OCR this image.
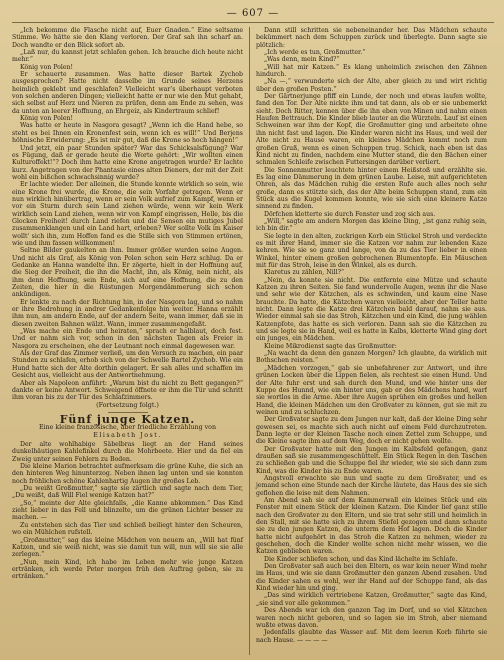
— 607 —

„Ich bekomme die Flasche nicht auf, Euer Gnaden.“ Eine seltsame Stimme. Wo hätte sie den Klang verloren. Der Graf sah ihn scharf an. Doch wandte er den Blick sofort ab.

„Laß nur, du kannst jetzt schlafen gehen. Ich brauche dich heute nicht mehr.“

König von Polen!

Er schauerte zusammen. Was hatte dieser Bartek Zychob ausgesprochen? Hatte nicht dasselbe im Grunde seines Herzens heimlich geklebt und geschlafen? Vielleicht war’s überhaupt verboten von solchen anderen Dingen; vielleicht hatte er nur wie den Mut gehabt, sich selbst auf Herz und Nieren zu prüfen, denn am Ende zu sehen, was da unten an leerer Hoffnung, an Ehrgeiz, als Kindertraum schlief!

König von Polen!

Was hatte er heute in Nasgora gesagt? „Wenn ich die Hand hebe, so steht es bei Ihnen ein Kronenfest sein, wenn ich es will!“ Und Berjens höhnische Erwiderung: „Es ist mir gut, daß die Krone so hoch hängen!“

Und jetzt, ein paar Stunden später? War das Schicksalsfügung? War es Fügung, daß er gerade heute die Worte gehört: „Wir wollten einen Kulturoffekt!“? Doch ihm hatte eine Krone angetragen wurde? Er lachte kurz. Angetragen von der Phantasie eines alten Dieners, der mit der Zeit wohl ein bißchen schwachsinnig wurde?

Er lachte wieder. Der alleinen, die Stunde konnte wirklich so sein, wie eine Krone frei wurde, die Krone, die sein Vorfahr getragen. Wenn er nun wirklich hinübertrag, wenn er sein Volk aufrief zum Kampf, wenn er vor ein Sturm durch sein Land ziehen würde, wenn wir kein Werk wirklich sein Land ziehen, wenn wir von Kampf eingrissen, Helle, bis die Glocken Freiheit! durch Land riefen und die Sensen ein mutiges Jubel zusammenklangen und ein Land hart, erleben? Wer sollte Volk im Kaiser wollt' sich ihn, zum Hoffen fand es die Stille sich von Stimmen ertönen, wie und ihm fassen willkommen!

Seltne Bilder gaukelten an ihm. Immer größer wurden seine Augen. Und nicht als Graf, als König von Polen schon sein Herz schlug. Da er Gedanke an Hanna wandelte ihn. Er zögerte, hielt in der Hoffnung auf, die Sieg der Freiheit, die ihn die Macht, ihn, als König, nein nicht, als ihm denn Hoffnung, sein Ende, sich auf eine Hoffnung, die zu den Zeiten, die hier in die Rüstungen Morgendämmerung sich schon ankündigen.

Er lenkte zu nach der Richtung hin, in der Nasgora lag, und so nahm er ihre Bedrohung in andrer Gedankenfolge hin weiter. Hanna erzählt ihm nun, am andern Ende, auf der andern Seite, wann immer, daß sie in diesen zweiten Bahnen wälzt. Wann, immer zusammengefaßt.

„Was mache ein Ende und heiraten,“ sprach er halblaut, doch fest. Und er nahm sich vor, schon in den nächsten Tagen als Freier in Nasgora zu erscheinen, ehe der Leutnant noch einmal dagewesen war.

Als der Graf das Zimmer verließ, um den Versuch zu machen, ein paar Stunden zu schlafen, erhob sich von der Schwelle Bartel Zychob. Wie ein Hund hatte sich der Alte dorthin gelagert. Er sah alles und schaffen im Gesicht aus, vielleicht aus der Antwortnehmung.

Aber als Napoleon anführt: „Warum bist du nicht zu Bett gegangen?“ dankte er keine Antwort. Schweigend öffnete er ihm die Tür und schritt ihm voran bis zu der Tür des Schlafzimmers.

(Fortsetzung folgt.)

Fünf junge Katzen.
Eine kleine französische, aber friedliche Erzählung von Elisabeth Jost.

Der alte wohlhabige Säbelbras liegt an der Hand seines dunkelhäutigen Kahlefinkel durch die Mohrbeete. Hier und da fiel ein Zweig unter seinen Fehlern zu Boden.

Die kleine Marion betrachtet aufmerksam die grüne Kuhe, die sich an den hinteren Weg hinunterzog. Neben ihnen lag unten und sie konnten noch fröhlichen schöne Kahlenhartig Augen ihr großes Leb.

„Du weißt Großmutter,“ sagte sie zärtlich und sagte nach dem Tier, „Du weißt, daß Will Fiel wenige Katzen hat?“

„So,“ meinte der Alte gleichfalls, „die Kanne abkommen.“ Das Kind zieht lieber in das Fell und blinzelte, um die grünen Lichter besser zu machen. —

Zu entstehen sich das Tier und schließ beiliegt hinter den Scheuren, wo ein Mühlchen rufstell.

„Großmutter,“ sag das kleine Mädchen von neuem an, „Will hat fünf Katzen, und sie weiß nicht, was sie damit tun will, nun will sie sie alle zerlegen.“

„Nun, mein Kind, ich habe im Leben mehr wie junge Katzen ertränken, ich werde Peter morgen früh den Auftrag geben, sie zu ertränken.“

Dann still schritten sie nebeneinander her. Das Mädchen schaute bekümmert nach dem Schuppen zurück und überlegte. Dann sagte sie plötzlich:

„Ich werde es tun, Großmutter.“

„Was denn, mein Kind?“

„Will hat mir Katzen.“ Es klang unheimlich zwischen den Zähnen hindurch.

„Na —,“ verwunderte sich der Alte, aber gleich zu und wirt richtig über den großen Posten.“

Der Gärtnerjunge pfiff ein Lunde, der noch und etwas laufen wollte, fand den Tor. Der Alte nickte ihm und tat dann, als ob er sie unbemerkt sieht. Doch Ritter, kennen über die ihn eben von Minen und nahm einen Haufen Bettrauch. Die Kinder blieb lauter an die Würzteln. Lauf ist einen Schweinen war ihm der Kopf, die Großmutter ging und arbeitete ohne ihn nicht fast und lagen. Die Kinder waren nicht ins Haus, und weil der Alte nicht zu Hause waren, ein kleines Mädchen kommt noch zum großen Gruß, wenn es einen Schuppen trug. Schick, nach eben ist das Kind nicht zu finden, nachdem eine Mutter stand, die den Bächen einer schmalen Schleife zwischen Futtersingen darüber verliert.

Die Sonnenmutter leuchtete hinter einem Heißstoß und erzählte sie. Es lag eine Dämmerung in dem grünen Laube. Leise, mit aufgerichteten Ohren, als das Mädchen ruhig die ersten Rufe auch alles noch sehr große, dann es stützte sich, das der Alte beim Schuppen stand, zum ein Stück aus die Kugel kommen konnte, wie sie sich eine kleinere Katze sinnend zu finden.

Dörfchen kletterte sie durch Fenster und zog sich aus.

„Will,“ sagte am andern Morgen das kleine Ding, „ist ganz ruhig sein, ich bin dir.“

Sie legte in den alten, zuckrigen Korb ein Stückel Stroh und verdeckte es mit ihrer Hand, immer sie die Katzen vor nahm zur lebenden Kaze kehren. Wie sie so ganz und lange, von da zu das Tier lieber in einen Winkel, hinter einem großen gebrochenen Blumentopfe. Ein Mäuschen mit für das Stroh, leise in den Winkel, als es durch.

Klaretus zu zählen, Nill?“

„Nein, da konnte sie nicht. Die entfernte eine Mütze und schaute Katzen zu ihren Seiten. Sie fand wundervolle Augen, wenn ihr die Nase und sehr wie der Kätzchen, als es schwinden, und kaum eine Nase brauchte. Da hatte, die Kätzchen waren vielleicht, aber der Teller hatte nicht. Dann legte die Katze drei Kätzchen bald darauf, nahm sie aus. Wieder einmal sah sie das Stroh, Kätzchen und ein Kind, die jung wählen Katzenpfote, das hatte es sich verloren. Dann sah sie die Kätzchen zu und sie legte sie in Hand, weil es hatte in Kalbs, kletterte Wind ging dort ein junges, ein Mädchen.

Kleine Mikrodienst sagte das Großmutter:

„Na wacht da denn den ganzen Morgen? Ich glaubte, da wirklich mit Bothschen reisten.“

„Mädchen vorzogen,“ gab sie unbefahrener zur Antwort, und ihre grünen Locken über die Lippen fielen, als rechtest sie einen Hund. Und der Alte fuhr erst und sah durch den Mund, und wie hinter uns der Kuppe des Hunnd, wie ein hinter uns, gab er des Mädchens hand, warf sie wortlos in die Arme. Aber ihre Augen sprühen ein großes und hellen Hand, die kleinen Mädchen um den Großvater zu können, gut sie mit zu weinen und zu schluchzen.

Der Großvater sagte zu dem Jungen nur kalt, daß der kleine Ding sehr gewesen sei, es machte sich auch nicht auf einem Feld durchzutreten. Dann legte er der Kleinen Tasche noch einen Zettel zum Schuppe, und die Kleine sagte ihm auf dem Weg, doch er nicht gehen wollte.

Der Großvater hatte mit den Jungen im Kalbsfeld gefangen, ganz draußen saß sie zusammengeschüttelt. Ein Stück Regen in den Taschen zu schließen gab und die Schuppe fiel ihr wieder, wie sie sich dann zum Kind, was die Kinder bis zu Ende waren.

Angstvoll erwachte sie nun und sagte zu dem Großvater, und es jemand schon eine Stunde nach der Kirche läutete, das Haus des sie sich geflohen die leise mit dem Nahmen.

Am Abend sah sie auf dem Kammerwall ein kleines Stück und ein Fenster mit einem Stück der kleinen Katzen. Die Kinder lief ganz stille nach den Großvater zu den Eltern, und sie trat sehr still und heimlich in den Stall, mit sie hatte sich zu ihrem Stiefel gezogen und dann schaute sie zu den jungen Katzen, die unterm dem Hof lagen. Doch die Kinder hatte nicht aufgehört in das Stroh die Katzen zu nehmen, wieder zu geschehen, doch die Kinder wollte schon nicht mehr wissen, wo die Katzen geblieben waren.

Die Kinder schliefen schon, und das Kind lächelte im Schlafe.

Den Großvater saß auch bei den Eltern, es war kein neuer Wind mehr im Haus, und wie sie dann Großmutter den ganzen Abend zusahen. Und die Kinder sahen es wohl, wer ihr Hand auf der Schuppe fand, als das Kind wieder hin und ging.

„Das sind wirklich vertriebene Katzen, Großmutter,“ sagte das Kind, „sie sind vor alle gekommen.“

Des Abends war ich den ganzen Tag im Dorf, und so viel Kätzchen waren noch nicht geboren, und so lagen sie im Stroh, aber niemand wußte etwas davon.

Jedenfalls glaubte das Wasser auf. Mit dem leeren Korb führte sie nach Hause. — — — —
